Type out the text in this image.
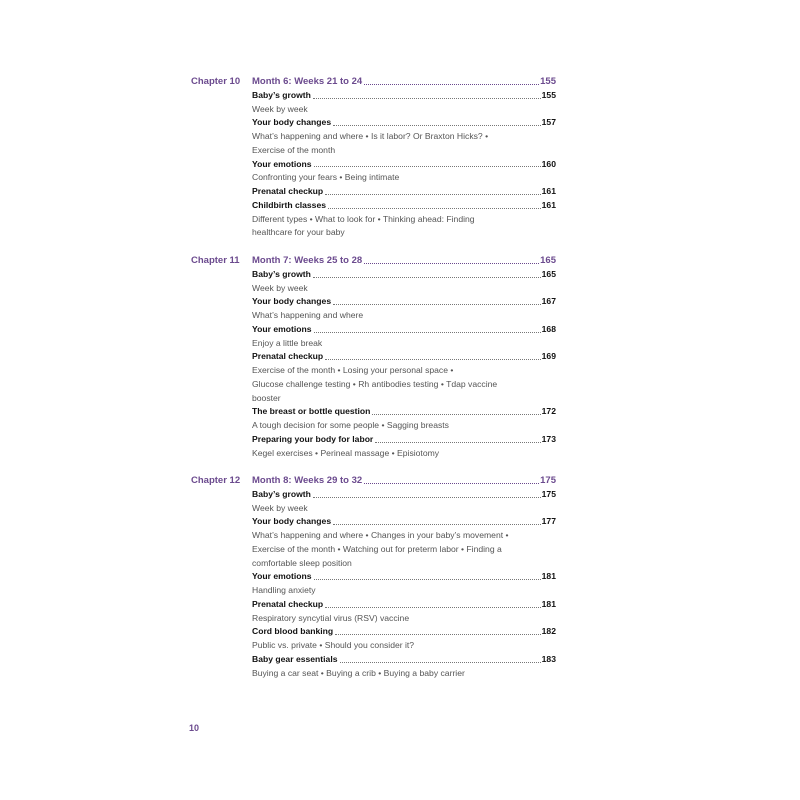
Chapter 10 Month 6: Weeks 21 to 24	155
Baby’s growth	155
Week by week
Your body changes	157
What’s happening and where • Is it labor? Or Braxton Hicks? •
Exercise of the month
Your emotions	160
Confronting your fears • Being intimate
Prenatal checkup	161
Childbirth classes	161
Different types • What to look for • Thinking ahead: Finding
healthcare for your baby
Chapter 11 Month 7: Weeks 25 to 28	165
Baby’s growth	165
Week by week
Your body changes	167
What’s happening and where
Your emotions	168
Enjoy a little break
Prenatal checkup	169
Exercise of the month • Losing your personal space •
Glucose challenge testing • Rh antibodies testing • Tdap vaccine
booster
The breast or bottle question	172
A tough decision for some people • Sagging breasts
Preparing your body for labor	173
Kegel exercises • Perineal massage • Episiotomy
Chapter 12 Month 8: Weeks 29 to 32	175
Baby’s growth	175
Week by week
Your body changes	177
What’s happening and where • Changes in your baby’s movement •
Exercise of the month • Watching out for preterm labor • Finding a
comfortable sleep position
Your emotions	181
Handling anxiety
Prenatal checkup	181
Respiratory syncytial virus (RSV) vaccine
Cord blood banking	182
Public vs. private • Should you consider it?
Baby gear essentials	183
Buying a car seat • Buying a crib • Buying a baby carrier
10
